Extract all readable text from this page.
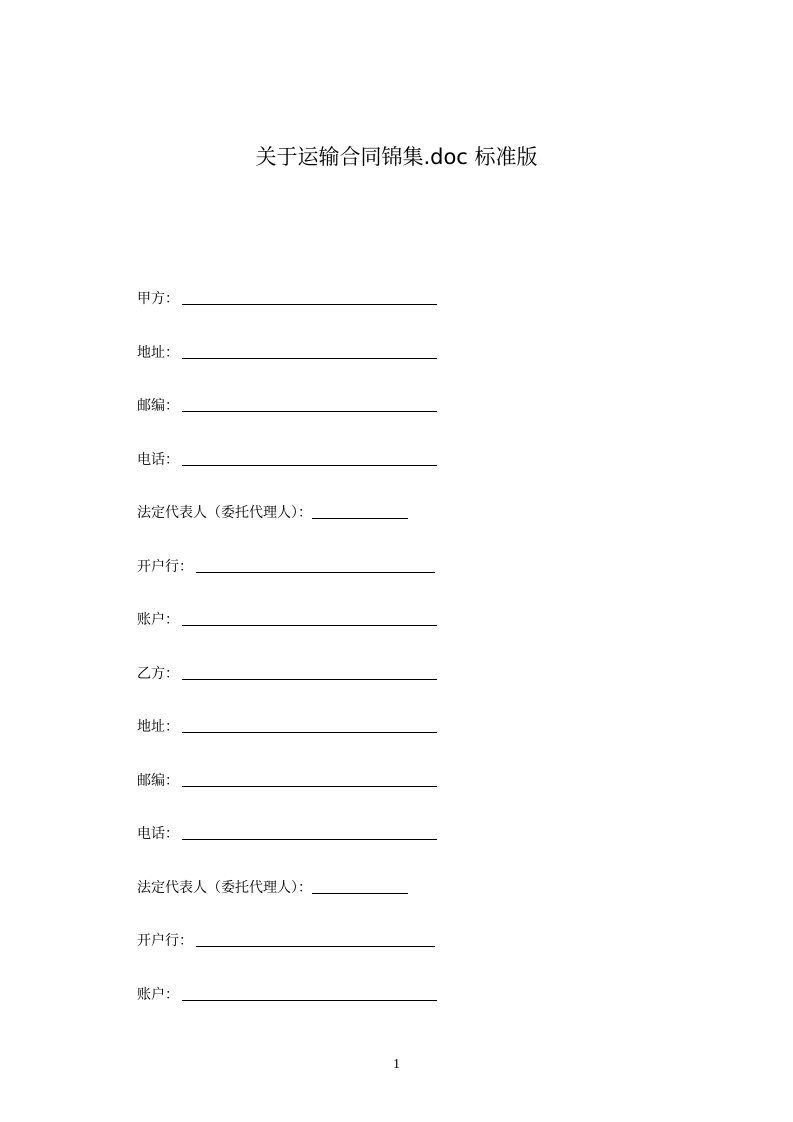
关于运输合同锦集.doc 标准版
甲方：
地址：
邮编：
电话：
法定代表人（委托代理人）：
开户行：
账户：
乙方：
地址：
邮编：
电话：
法定代表人（委托代理人）：
开户行：
账户：
1
